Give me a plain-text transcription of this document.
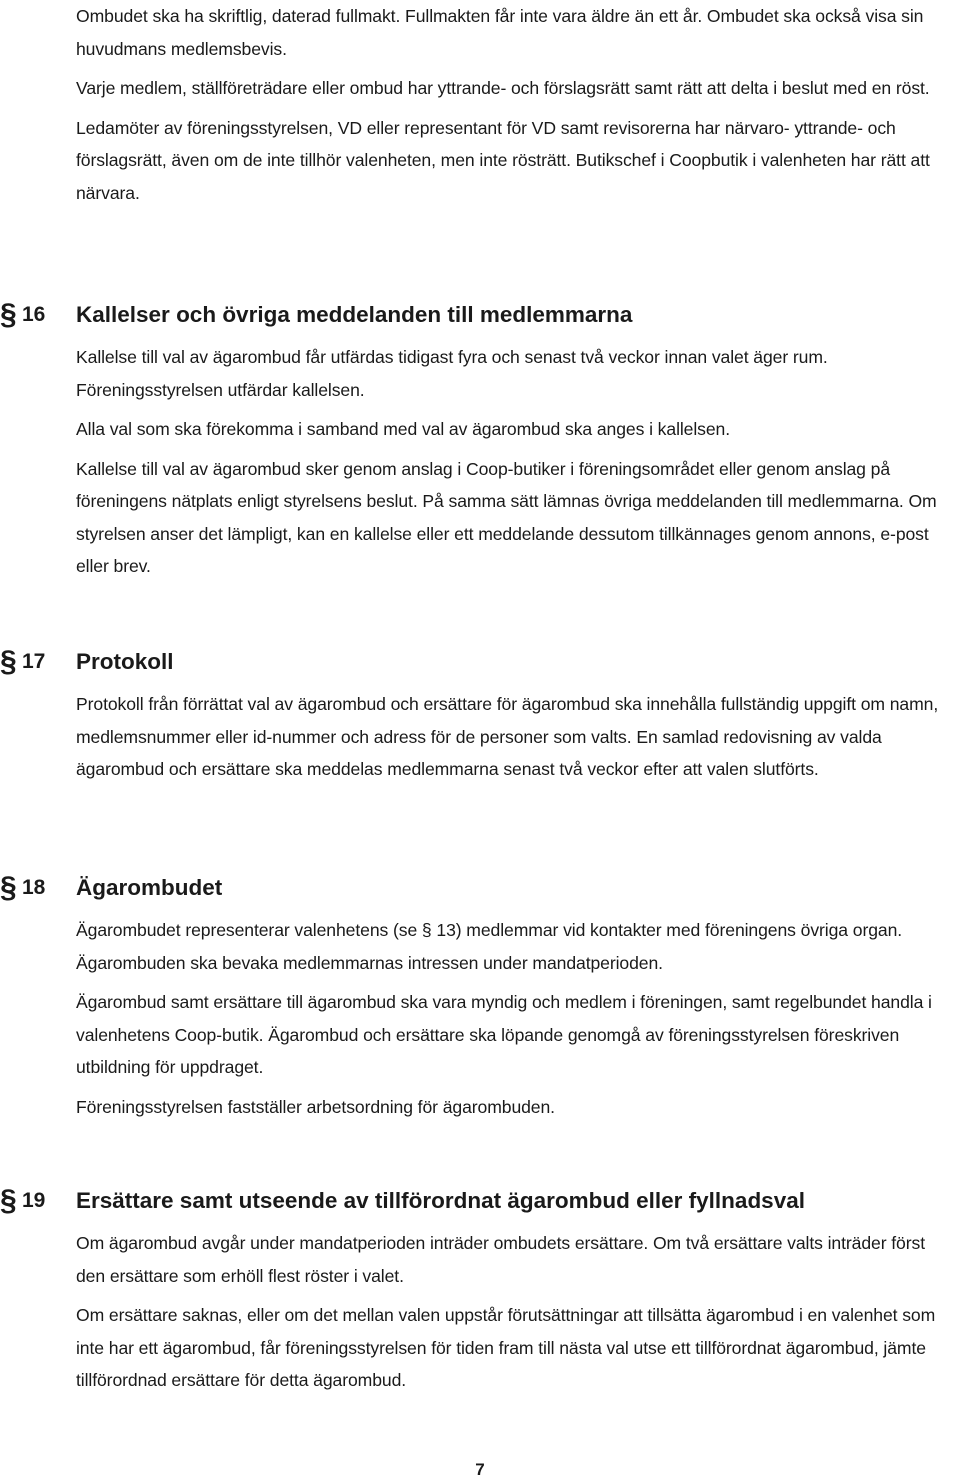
Ombudet ska ha skriftlig, daterad fullmakt. Fullmakten får inte vara äldre än ett år. Ombudet ska också visa sin huvudmans medlemsbevis.

Varje medlem, ställföreträdare eller ombud har yttrande- och förslagsrätt samt rätt att delta i beslut med en röst.

Ledamöter av föreningsstyrelsen, VD eller representant för VD samt revisorerna har närvaro- yttrande- och förslagsrätt, även om de inte tillhör valenheten, men inte rösträtt. Butikschef i Coopbutik i valenheten har rätt att närvara.

§ 16 Kallelser och övriga meddelanden till medlemmarna

Kallelse till val av ägarombud får utfärdas tidigast fyra och senast två veckor innan valet äger rum. Föreningsstyrelsen utfärdar kallelsen.

Alla val som ska förekomma i samband med val av ägarombud ska anges i kallelsen.

Kallelse till val av ägarombud sker genom anslag i Coop-butiker i föreningsområdet eller genom anslag på föreningens nätplats enligt styrelsens beslut. På samma sätt lämnas övriga meddelanden till medlemmarna. Om styrelsen anser det lämpligt, kan en kallelse eller ett meddelande dessutom tillkännages genom annons, e-post eller brev.

§ 17 Protokoll

Protokoll från förrättat val av ägarombud och ersättare för ägarombud ska innehålla fullständig uppgift om namn, medlemsnummer eller id-nummer och adress för de personer som valts. En samlad redovisning av valda ägarombud och ersättare ska meddelas medlemmarna senast två veckor efter att valen slutförts.

§ 18 Ägarombudet

Ägarombudet representerar valenhetens (se § 13) medlemmar vid kontakter med föreningens övriga organ. Ägarombuden ska bevaka medlemmarnas intressen under mandatperioden.

Ägarombud samt ersättare till ägarombud ska vara myndig och medlem i föreningen, samt regelbundet handla i valenhetens Coop-butik. Ägarombud och ersättare ska löpande genomgå av föreningsstyrelsen föreskriven utbildning för uppdraget.

Föreningsstyrelsen fastställer arbetsordning för ägarombuden.

§ 19 Ersättare samt utseende av tillförordnat ägarombud eller fyllnadsval

Om ägarombud avgår under mandatperioden inträder ombudets ersättare. Om två ersättare valts inträder först den ersättare som erhöll flest röster i valet.

Om ersättare saknas, eller om det mellan valen uppstår förutsättningar att tillsätta ägarombud i en valenhet som inte har ett ägarombud, får föreningsstyrelsen för tiden fram till nästa val utse ett tillförordnat ägarombud, jämte tillförordnad ersättare för detta ägarombud.

7
